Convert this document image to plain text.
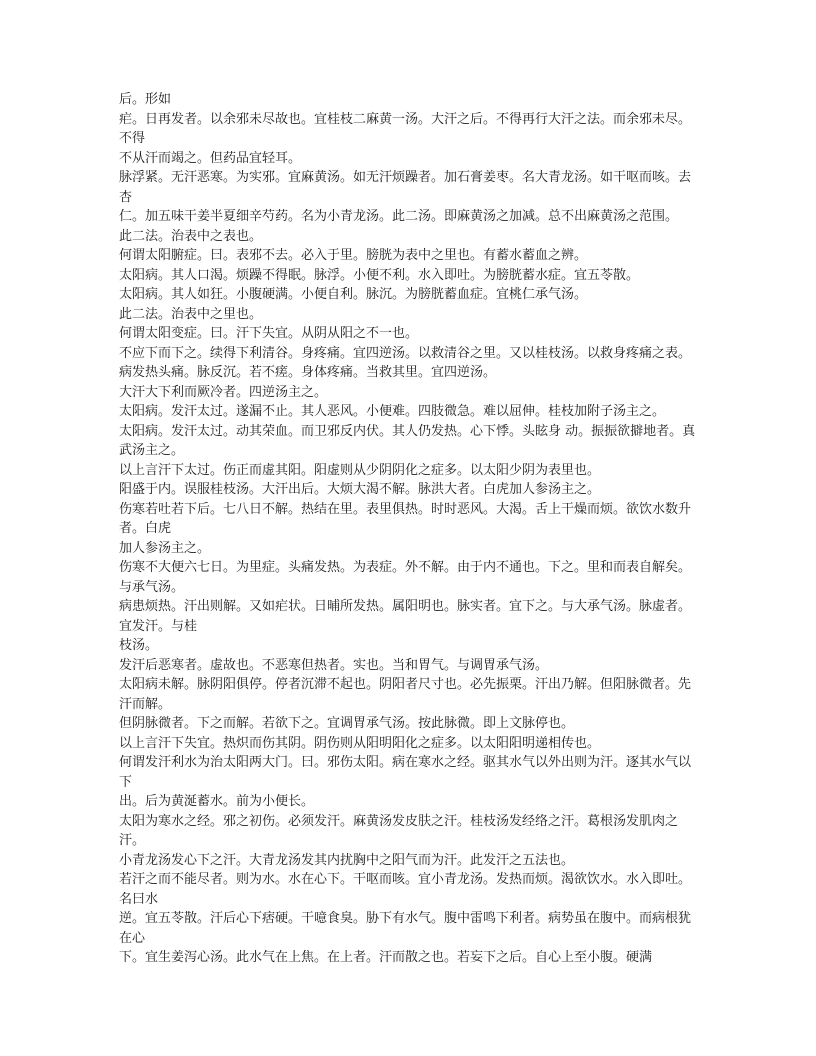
后。形如

疟。日再发者。以余邪未尽故也。宜桂枝二麻黄一汤。大汗之后。不得再行大汗之法。而余邪未尽。不得

不从汗而竭之。但药品宜轻耳。

脉浮紧。无汗恶寒。为实邪。宜麻黄汤。如无汗烦躁者。加石膏姜枣。名大青龙汤。如干呕而咳。去杏

仁。加五味干姜半夏细辛芍药。名为小青龙汤。此二汤。即麻黄汤之加减。总不出麻黄汤之范围。

此二法。治表中之表也。

何谓太阳腑症。曰。表邪不去。必入于里。膀胱为表中之里也。有蓄水蓄血之辨。

太阳病。其人口渴。烦躁不得眠。脉浮。小便不利。水入即吐。为膀胱蓄水症。宜五苓散。

太阳病。其人如狂。小腹硬满。小便自利。脉沉。为膀胱蓄血症。宜桃仁承气汤。

此二法。治表中之里也。

何谓太阳变症。曰。汗下失宜。从阴从阳之不一也。

不应下而下之。续得下利清谷。身疼痛。宜四逆汤。以救清谷之里。又以桂枝汤。以救身疼痛之表。

病发热头痛。脉反沉。若不瘥。身体疼痛。当救其里。宜四逆汤。

大汗大下利而厥冷者。四逆汤主之。

太阳病。发汗太过。遂漏不止。其人恶风。小便难。四肢微急。难以屈伸。桂枝加附子汤主之。

太阳病。发汗太过。动其荣血。而卫邪反内伏。其人仍发热。心下悸。头眩身 动。振振欲擗地者。真武汤主之。

以上言汗下太过。伤正而虚其阳。阳虚则从少阴阴化之症多。以太阳少阴为表里也。

阳盛于内。误服桂枝汤。大汗出后。大烦大渴不解。脉洪大者。白虎加人参汤主之。

伤寒若吐若下后。七八日不解。热结在里。表里俱热。时时恶风。大渴。舌上干燥而烦。欲饮水数升者。白虎

加人参汤主之。

伤寒不大便六七日。为里症。头痛发热。为表症。外不解。由于内不通也。下之。里和而表自解矣。与承气汤。

病患烦热。汗出则解。又如疟状。日晡所发热。属阳明也。脉实者。宜下之。与大承气汤。脉虚者。宜发汗。与桂

枝汤。

发汗后恶寒者。虚故也。不恶寒但热者。实也。当和胃气。与调胃承气汤。

太阳病未解。脉阴阳俱停。停者沉滞不起也。阴阳者尺寸也。必先振栗。汗出乃解。但阳脉微者。先汗而解。

但阴脉微者。下之而解。若欲下之。宜调胃承气汤。按此脉微。即上文脉停也。

以上言汗下失宜。热炽而伤其阴。阴伤则从阳明阳化之症多。以太阳阳明递相传也。

何谓发汗利水为治太阳两大门。曰。邪伤太阳。病在寒水之经。驱其水气以外出则为汗。逐其水气以下

出。后为黄涎蓄水。前为小便长。

太阳为寒水之经。邪之初伤。必须发汗。麻黄汤发皮肤之汗。桂枝汤发经络之汗。葛根汤发肌肉之汗。

小青龙汤发心下之汗。大青龙汤发其内扰胸中之阳气而为汗。此发汗之五法也。

若汗之而不能尽者。则为水。水在心下。干呕而咳。宜小青龙汤。发热而烦。渴欲饮水。水入即吐。名曰水

逆。宜五苓散。汗后心下痞硬。干噫食臭。胁下有水气。腹中雷鸣下利者。病势虽在腹中。而病根犹在心

下。宜生姜泻心汤。此水气在上焦。在上者。汗而散之也。若妄下之后。自心上至小腹。硬满
